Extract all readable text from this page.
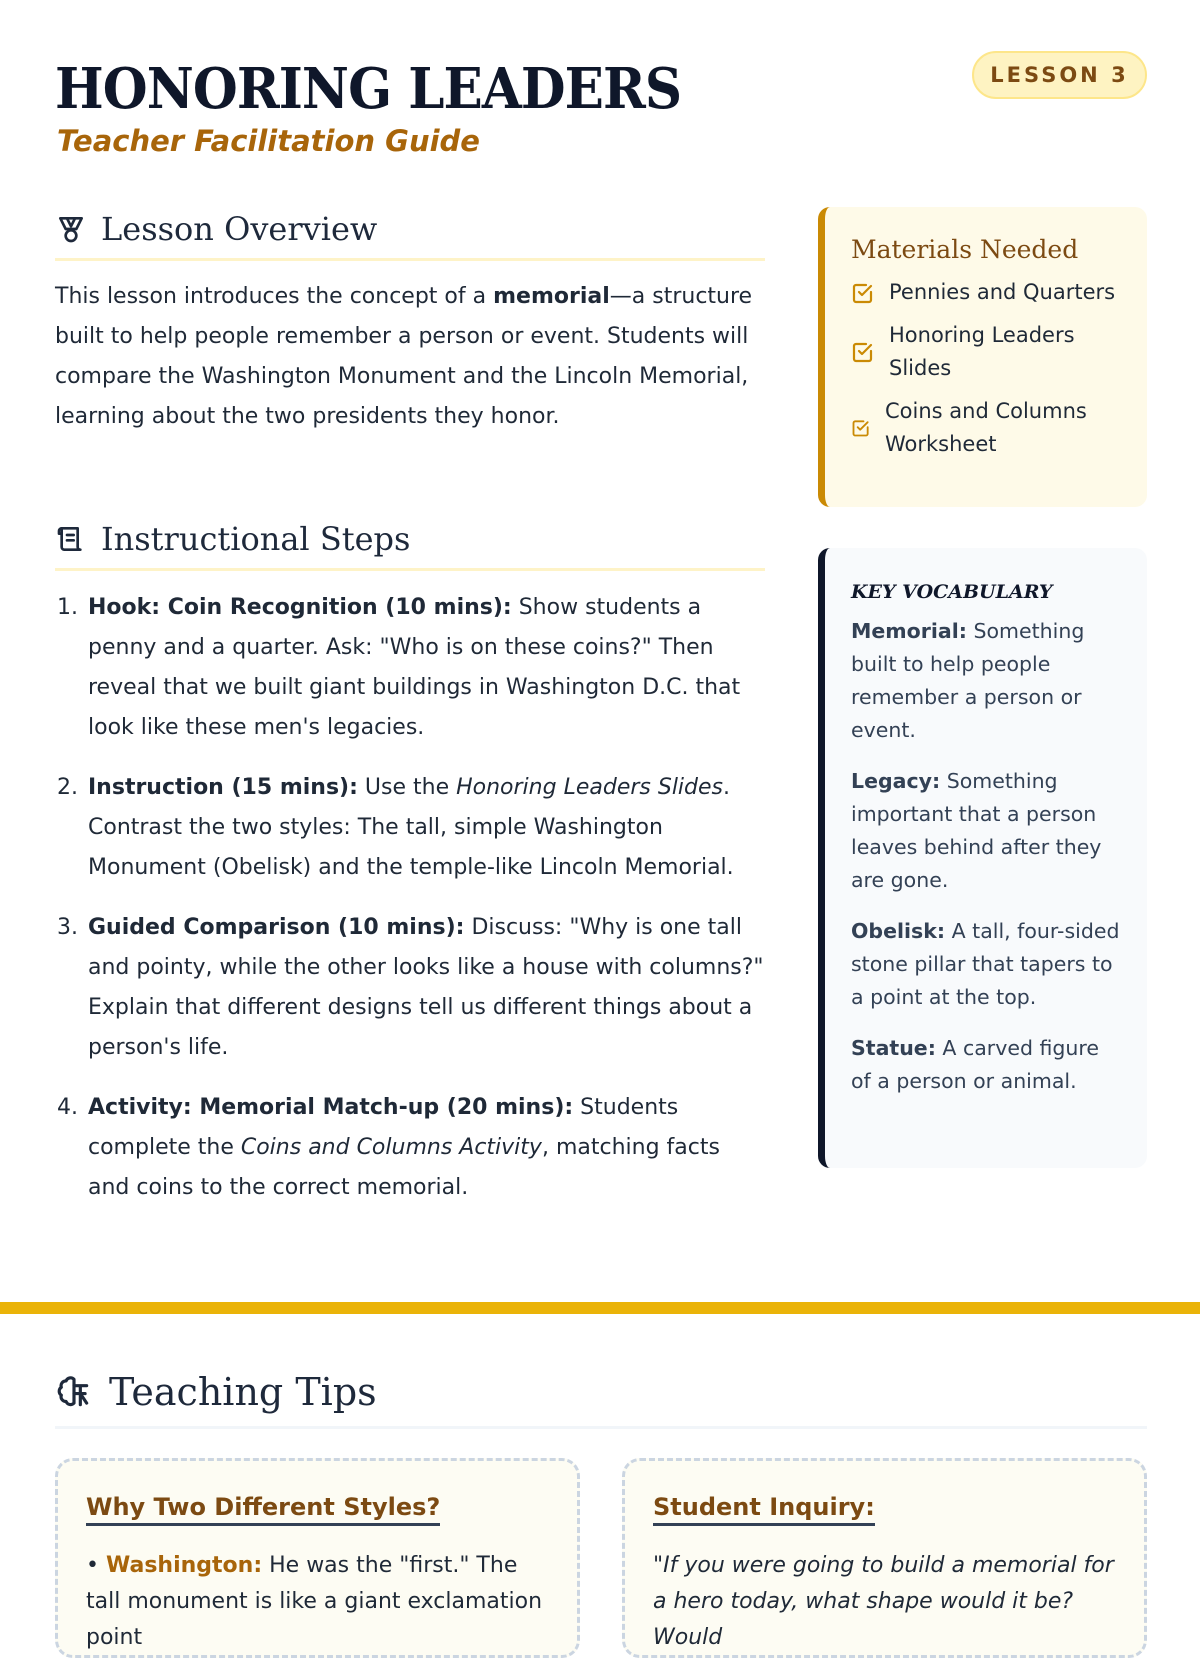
HONORING LEADERS
Teacher Facilitation Guide
LESSON 3
Lesson Overview
This lesson introduces the concept of a memorial—a structure built to help people remember a person or event. Students will compare the Washington Monument and the Lincoln Memorial, learning about the two presidents they honor.
Instructional Steps
1. Hook: Coin Recognition (10 mins): Show students a penny and a quarter. Ask: "Who is on these coins?" Then reveal that we built giant buildings in Washington D.C. that look like these men's legacies.
2. Instruction (15 mins): Use the Honoring Leaders Slides. Contrast the two styles: The tall, simple Washington Monument (Obelisk) and the temple-like Lincoln Memorial.
3. Guided Comparison (10 mins): Discuss: "Why is one tall and pointy, while the other looks like a house with columns?" Explain that different designs tell us different things about a person's life.
4. Activity: Memorial Match-up (20 mins): Students complete the Coins and Columns Activity, matching facts and coins to the correct memorial.
Materials Needed
Pennies and Quarters
Honoring Leaders Slides
Coins and Columns Worksheet
KEY VOCABULARY

Memorial: Something built to help people remember a person or event.

Legacy: Something important that a person leaves behind after they are gone.

Obelisk: A tall, four-sided stone pillar that tapers to a point at the top.

Statue: A carved figure of a person or animal.

Teaching Tips
Why Two Different Styles?

• Washington: He was the "first." The tall monument is like a giant exclamation point

Student Inquiry:

"If you were going to build a memorial for a hero today, what shape would it be? Would
